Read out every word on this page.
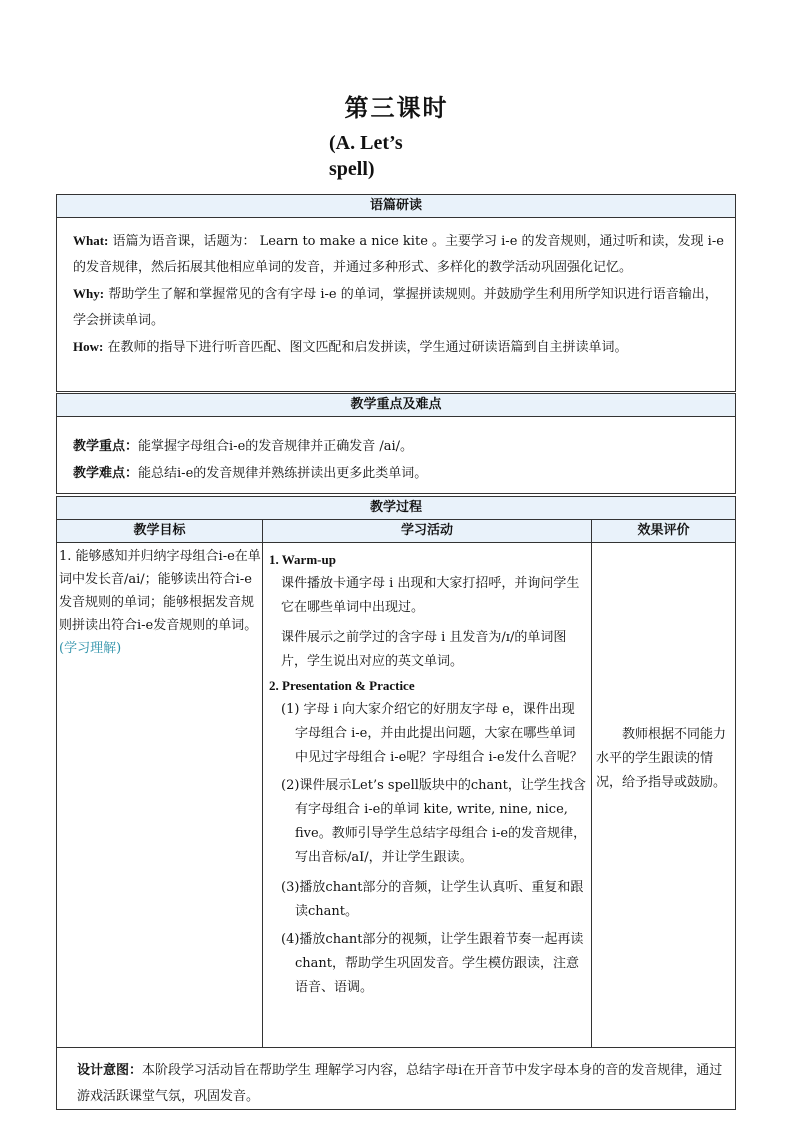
第三课时
(A. Let’s spell)
语篇研读
What: 语篇为语音课，话题为： Learn to make a nice kite 。主要学习 i-e 的发音规则，通过听和读，发现 i-e 的发音规律，然后拓展其他相应单词的发音，并通过多种形式、多样化的教学活动巩固强化记忆。
Why: 帮助学生了解和掌握常见的含有字母 i-e 的单词，掌握拼读规则。并鼓励学生利用所学知识进行语音输出，学会拼读单词。
How: 在教师的指导下进行听音匹配、图文匹配和启发拼读，学生通过研读语篇到自主拼读单词。
教学重点及难点
教学重点：能掌握字母组合i-e的发音规律并正确发音 /ai/。
教学难点：能总结i-e的发音规律并熟练拼读出更多此类单词。
教学过程
教学目标	学习活动	效果评价
1. 能够感知并归纳字母组合i-e在单词中发长音/ai/；能够读出符合i-e发音规则的单词；能够根据发音规则拼读出符合i-e发音规则的单词。(学习理解)
1. Warm-up
课件播放卡通字母 i 出现和大家打招呼，并询问学生它在哪些单词中出现过。
课件展示之前学过的含字母 i 且发音为/ɪ/的单词图片，学生说出对应的英文单词。
2. Presentation & Practice
(1) 字母 i 向大家介绍它的好朋友字母 e，课件出现字母组合 i-e，并由此提出问题，大家在哪些单词中见过字母组合 i-e呢？字母组合 i-e发什么音呢？
(2)课件展示Let’s spell版块中的chant，让学生找含有字母组合 i-e的单词 kite, write, nine, nice, five。教师引导学生总结字母组合 i-e的发音规律，写出音标/aI/，并让学生跟读。
(3)播放chant部分的音频，让学生认真听、重复和跟读chant。
(4)播放chant部分的视频，让学生跟着节奏一起再读chant，帮助学生巩固发音。学生模仿跟读，注意语音、语调。
教师根据不同能力水平的学生跟读的情况，给予指导或鼓励。
设计意图：本阶段学习活动旨在帮助学生 理解学习内容，总结字母i在开音节中发字母本身的音的发音规律，通过游戏活跃课堂气氛，巩固发音。
